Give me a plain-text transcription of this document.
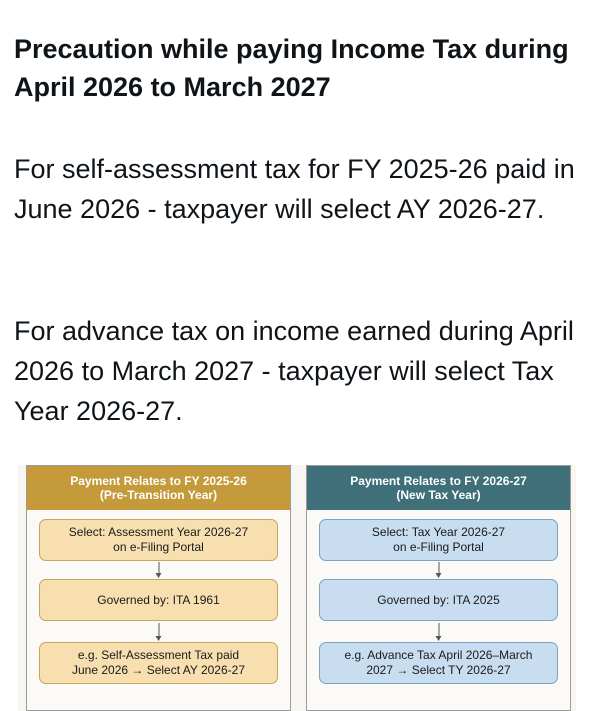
Precaution while paying Income Tax during April 2026 to March 2027
For self-assessment tax for FY 2025-26 paid in June 2026 - taxpayer will select AY 2026-27.
For advance tax on income earned during April 2026 to March 2027 - taxpayer will select Tax Year 2026-27.
Payment Relates to FY 2025-26
(Pre-Transition Year)
Select: Assessment Year 2026-27
on e-Filing Portal
Governed by: ITA 1961
e.g. Self-Assessment Tax paid
June 2026 → Select AY 2026-27
Payment Relates to FY 2026-27
(New Tax Year)
Select: Tax Year 2026-27
on e-Filing Portal
Governed by: ITA 2025
e.g. Advance Tax April 2026–March
2027 → Select TY 2026-27
